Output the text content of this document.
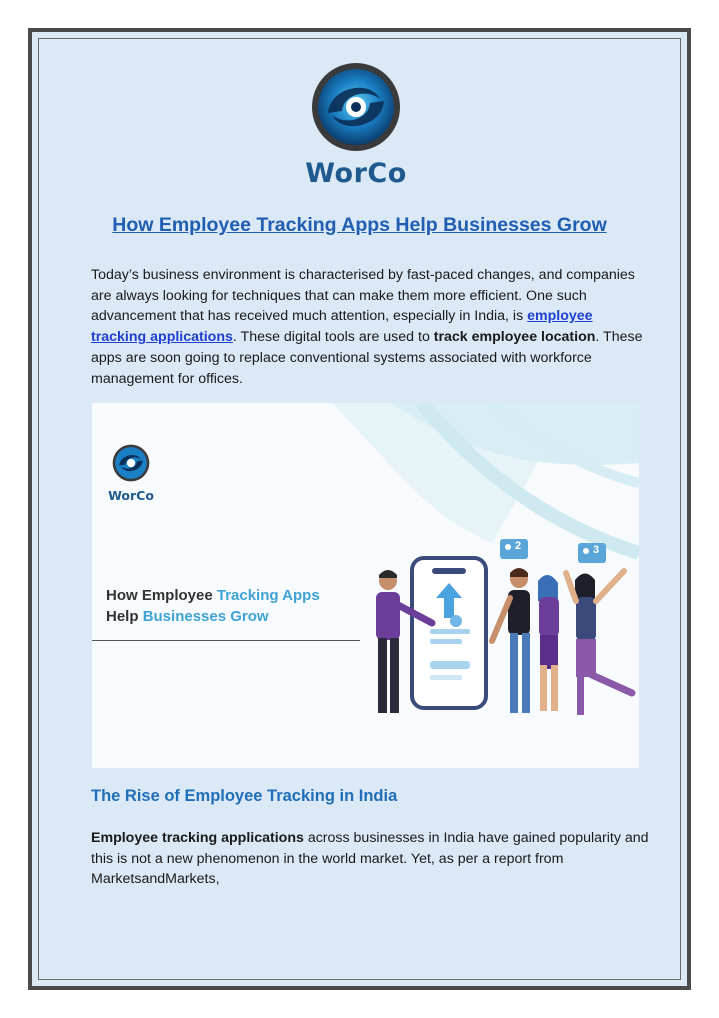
WorCo
How Employee Tracking Apps Help Businesses Grow

Today’s business environment is characterised by fast-paced changes, and companies are always looking for techniques that can make them more efficient. One such advancement that has received much attention, especially in India, is employee tracking applications. These digital tools are used to track employee location. These apps are soon going to replace conventional systems associated with workforce management for offices.

WorCo
How Employee Tracking Apps
Help Businesses Grow
2	3
The Rise of Employee Tracking in India

Employee tracking applications across businesses in India have gained popularity and this is not a new phenomenon in the world market. Yet, as per a report from MarketsandMarkets,
